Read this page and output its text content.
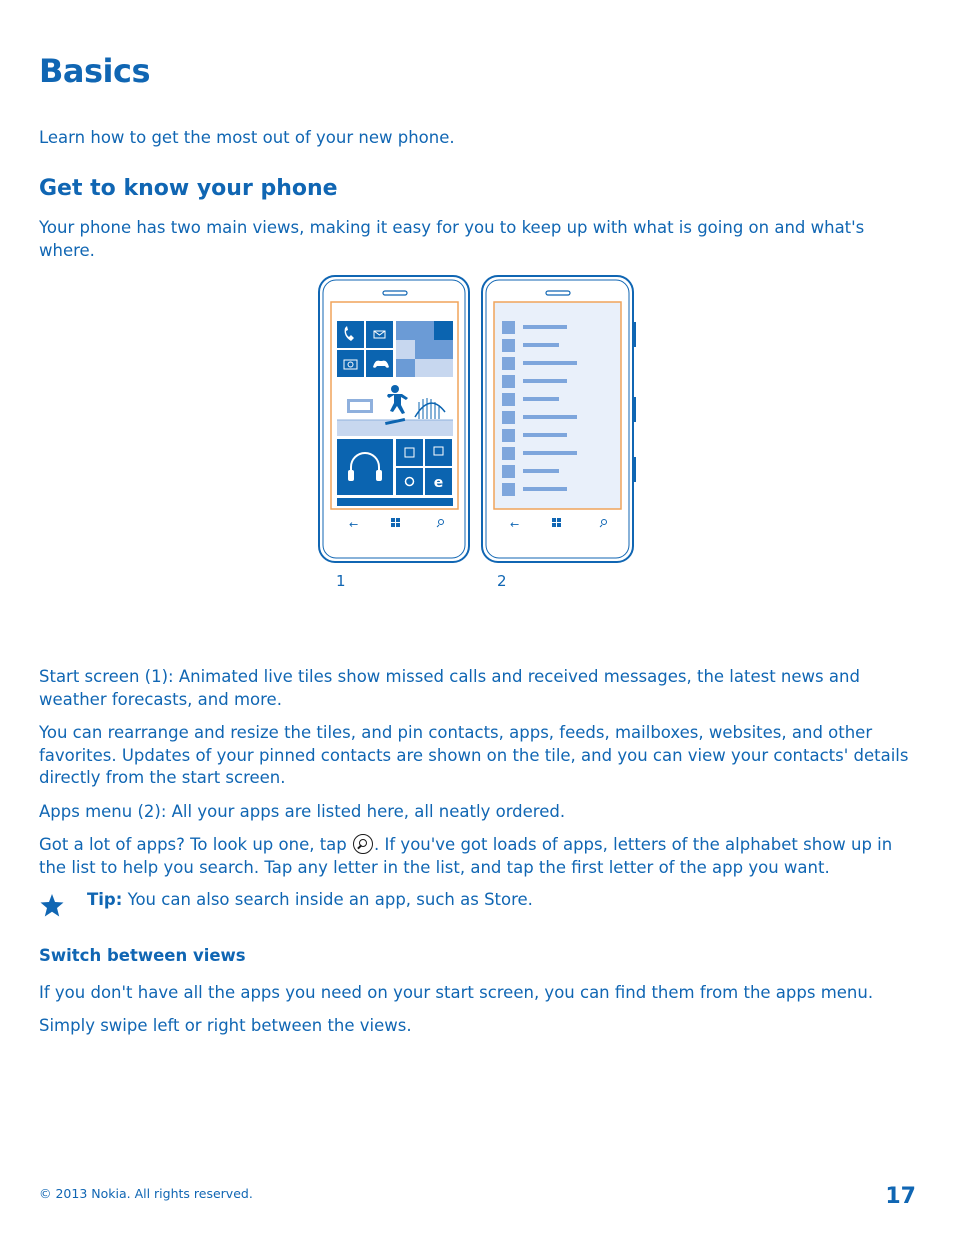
Basics

Learn how to get the most out of your new phone.

Get to know your phone

Your phone has two main views, making it easy for you to keep up with what is going on and what's where.

e
←	←
1	2

Start screen (1): Animated live tiles show missed calls and received messages, the latest news and weather forecasts, and more.

You can rearrange and resize the tiles, and pin contacts, apps, feeds, mailboxes, websites, and other favorites. Updates of your pinned contacts are shown on the tile, and you can view your contacts' details directly from the start screen.

Apps menu (2): All your apps are listed here, all neatly ordered.

Got a lot of apps? To look up one, tap . If you've got loads of apps, letters of the alphabet show up in the list to help you search. Tap any letter in the list, and tap the first letter of the app you want.

Tip: You can also search inside an app, such as Store.
Switch between views

If you don't have all the apps you need on your start screen, you can find them from the apps menu.

Simply swipe left or right between the views.

© 2013 Nokia. All rights reserved.	17
